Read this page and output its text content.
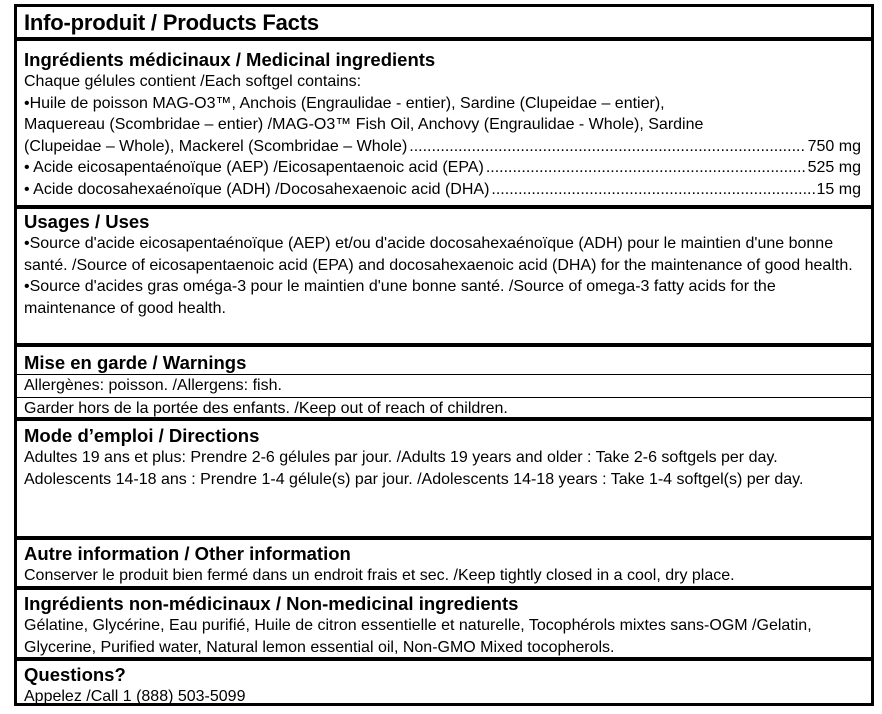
Info-produit / Products Facts
Ingrédients médicinaux / Medicinal ingredients
Chaque gélules contient /Each softgel contains:
•Huile de poisson MAG-O3™, Anchois (Engraulidae - entier), Sardine (Clupeidae – entier),
Maquereau (Scombridae – entier) /MAG-O3™ Fish Oil, Anchovy (Engraulidae - Whole), Sardine
(Clupeidae – Whole), Mackerel (Scombridae – Whole) .....	750 mg
• Acide eicosapentaénoïque (AEP) /Eicosapentaenoic acid (EPA) .....	525 mg
• Acide docosahexaénoïque (ADH) /Docosahexaenoic acid (DHA) .....	15 mg
Usages / Uses
•Source d'acide eicosapentaénoïque (AEP) et/ou d'acide docosahexaénoïque (ADH) pour le maintien d'une bonne santé. /Source of eicosapentaenoic acid (EPA) and docosahexaenoic acid (DHA) for the maintenance of good health.
•Source d'acides gras oméga-3 pour le maintien d'une bonne santé. /Source of omega-3 fatty acids for the maintenance of good health.
Mise en garde / Warnings
Allergènes: poisson. /Allergens: fish.
Garder hors de la portée des enfants. /Keep out of reach of children.
Mode d’emploi / Directions
Adultes 19 ans et plus: Prendre 2-6 gélules par jour. /Adults 19 years and older : Take 2-6 softgels per day.
Adolescents 14-18 ans : Prendre 1-4 gélule(s) par jour. /Adolescents 14-18 years : Take 1-4 softgel(s) per day.
Autre information / Other information
Conserver le produit bien fermé dans un endroit frais et sec. /Keep tightly closed in a cool, dry place.
Ingrédients non-médicinaux / Non-medicinal ingredients
Gélatine, Glycérine, Eau purifié, Huile de citron essentielle et naturelle, Tocophérols mixtes sans-OGM /Gelatin, Glycerine, Purified water, Natural lemon essential oil, Non-GMO Mixed tocopherols.
Questions?
Appelez /Call 1 (888) 503-5099
